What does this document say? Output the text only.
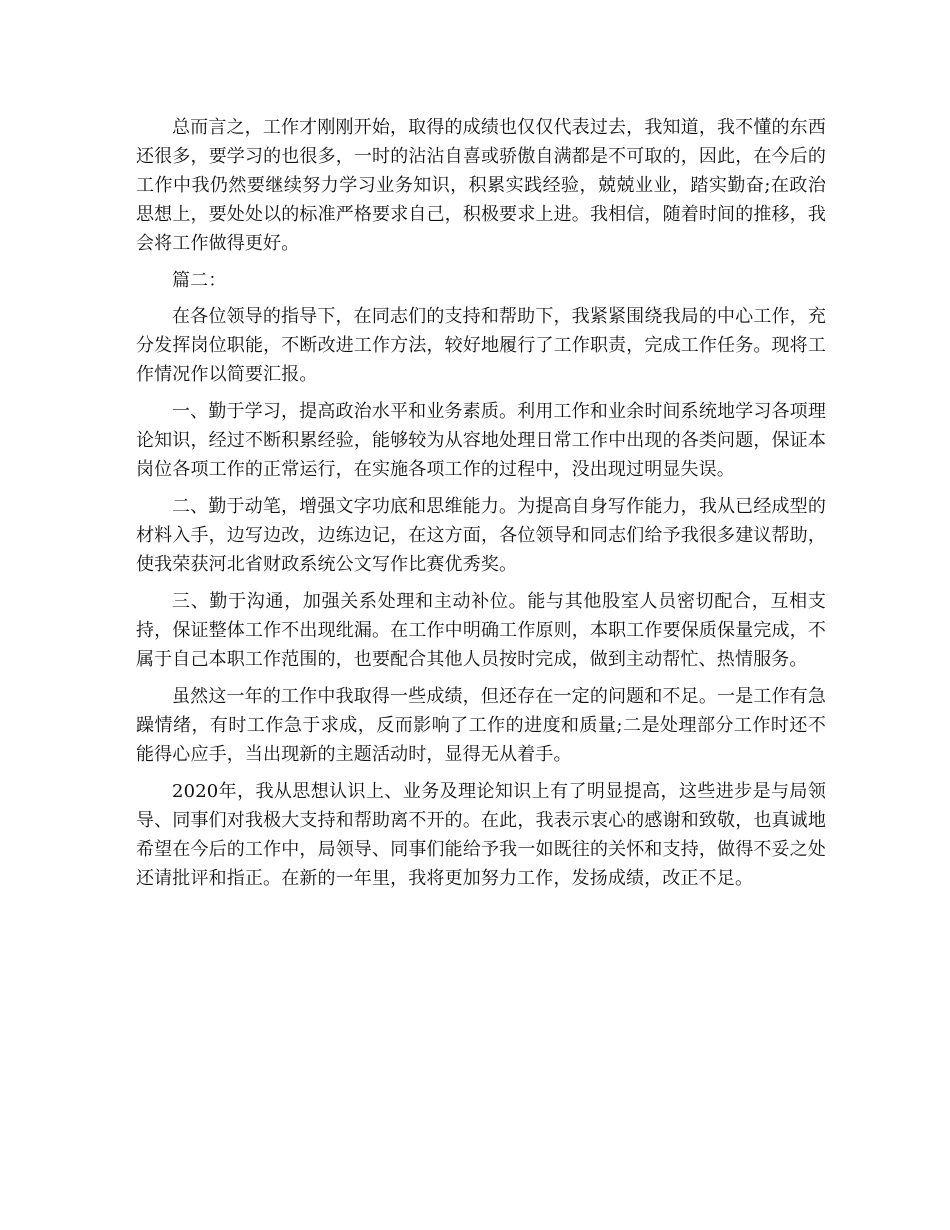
总而言之，工作才刚刚开始，取得的成绩也仅仅代表过去，我知道，我不懂的东西还很多，要学习的也很多，一时的沾沾自喜或骄傲自满都是不可取的，因此，在今后的工作中我仍然要继续努力学习业务知识，积累实践经验，兢兢业业，踏实勤奋;在政治思想上，要处处以的标准严格要求自己，积极要求上进。我相信，随着时间的推移，我会将工作做得更好。

篇二：

在各位领导的指导下，在同志们的支持和帮助下，我紧紧围绕我局的中心工作，充分发挥岗位职能，不断改进工作方法，较好地履行了工作职责，完成工作任务。现将工作情况作以简要汇报。

一、勤于学习，提高政治水平和业务素质。利用工作和业余时间系统地学习各项理论知识，经过不断积累经验，能够较为从容地处理日常工作中出现的各类问题，保证本岗位各项工作的正常运行，在实施各项工作的过程中，没出现过明显失误。

二、勤于动笔，增强文字功底和思维能力。为提高自身写作能力，我从已经成型的材料入手，边写边改，边练边记，在这方面，各位领导和同志们给予我很多建议帮助，使我荣获河北省财政系统公文写作比赛优秀奖。

三、勤于沟通，加强关系处理和主动补位。能与其他股室人员密切配合，互相支持，保证整体工作不出现纰漏。在工作中明确工作原则，本职工作要保质保量完成，不属于自己本职工作范围的，也要配合其他人员按时完成，做到主动帮忙、热情服务。

虽然这一年的工作中我取得一些成绩，但还存在一定的问题和不足。一是工作有急躁情绪，有时工作急于求成，反而影响了工作的进度和质量;二是处理部分工作时还不能得心应手，当出现新的主题活动时，显得无从着手。

2020年，我从思想认识上、业务及理论知识上有了明显提高，这些进步是与局领导、同事们对我极大支持和帮助离不开的。在此，我表示衷心的感谢和致敬，也真诚地希望在今后的工作中，局领导、同事们能给予我一如既往的关怀和支持，做得不妥之处还请批评和指正。在新的一年里，我将更加努力工作，发扬成绩，改正不足。
